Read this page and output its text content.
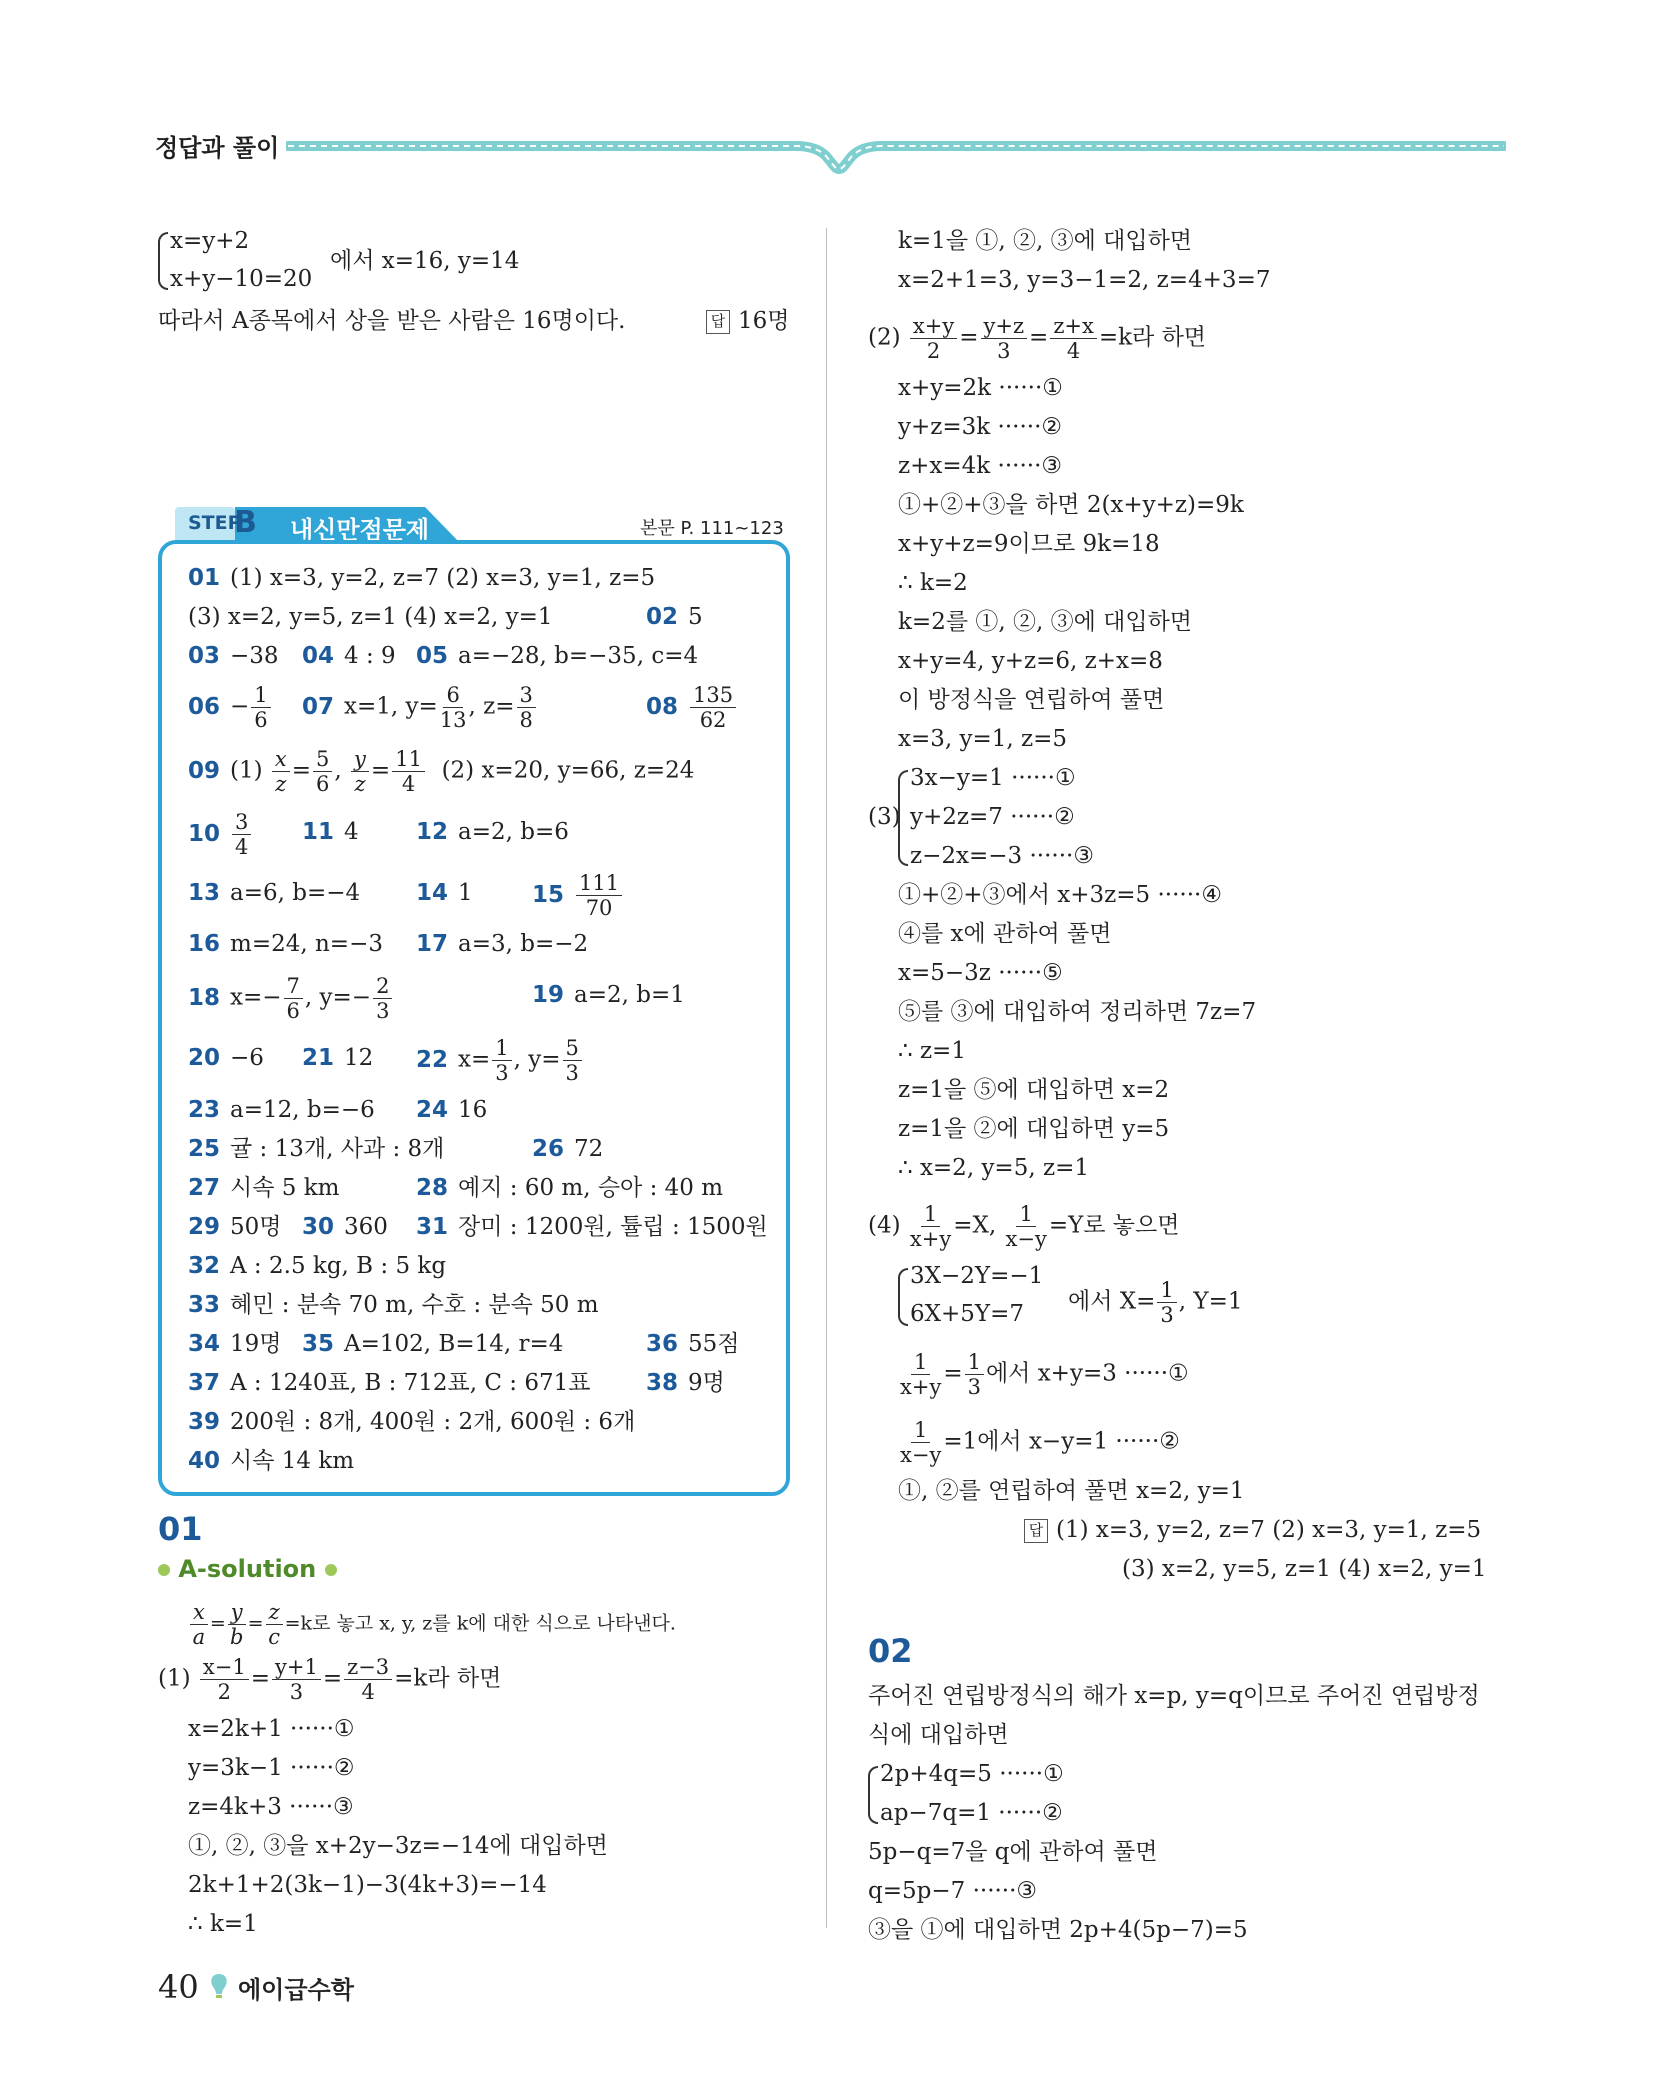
정답과 풀이
x=y+2
x+y−10=20
에서 x=16, y=14
따라서 A종목에서 상을 받은 사람은 16명이다.	답 16명
STEP
B 내신만점문제	본문 P. 111~123
01 (1) x=3, y=2, z=7 (2) x=3, y=1, z=5
(3) x=2, y=5, z=1 (4) x=2, y=1	02 5
03 −38 04 4 : 9 05 a=−28, b=−35, c=4
$06 - \frac{1}{6} 07$ x=1, $y= \frac{6}{13}$ , $z= \frac{3}{8}$	$08 \frac{135}{62}$
09 $(1) \frac{x}{z} = \frac{5}{6}$ , $\frac{y}{z} = \frac{11}{4} (2)$ x=20, y=66, z=24
$10 \frac{3}{4} 11$ 4 12 a=2, b=6
13 a=6, b=−4 14 1	$15 \frac{111}{70}$
16 m=24, n=−3 17 a=3, b=−2
18 $x=- \frac{7}{6}$ , $y=- \frac{2}{3}$	19 a=2, b=1
20 −6 21 12 22 $x= \frac{1}{3}$ , $y= \frac{5}{3}$
23 a=12, b=−6 24 16
25 귤 : 13개, 사과 : 8개	26 72
27 시속 5 km	28 예지 : 60 m, 승아 : 40 m
29 50명 30 360 31 장미 : 1200원, 튤립 : 1500원
32 A : 2.5 kg, B : 5 kg
33 혜민 : 분속 70 m, 수호 : 분속 50 m
34 19명 35 A=102, B=14, r=4	36 55점
37 A : 1240표, B : 712표, C : 671표 38 9명
39 200원 : 8개, 400원 : 2개, 600원 : 6개
40 시속 14 km
01
A-solution
$\frac{x}{a} = \frac{y}{b} = \frac{z}{c} =k$로 놓고 x, y, z를 k에 대한 식으로 나타낸다.
$(1) \frac{x-1}{2} = \frac{y+1}{3} = \frac{z-3}{4} =k$라 하면
x=2k+1 ······①
y=3k−1 ······②
z=4k+3 ······③
①, ②, ③을 x+2y−3z=−14에 대입하면
2k+1+2(3k−1)−3(4k+3)=−14
∴ k=1
k=1을 ①, ②, ③에 대입하면
x=2+1=3, y=3−1=2, z=4+3=7
$(2) \frac{x+y}{2} = \frac{y+z}{3} = \frac{z+x}{4} =k$라 하면
x+y=2k ······①
y+z=3k ······②
z+x=4k ······③
①+②+③을 하면 2(x+y+z)=9k
x+y+z=9이므로 9k=18
∴ k=2
k=2를 ①, ②, ③에 대입하면
x+y=4, y+z=6, z+x=8
이 방정식을 연립하여 풀면
x=3, y=1, z=5
(3)
3x−y=1 ······①
y+2z=7 ······②
z−2x=−3 ······③
①+②+③에서 x+3z=5 ······④
④를 x에 관하여 풀면
x=5−3z ······⑤
⑤를 ③에 대입하여 정리하면 7z=7
∴ z=1
z=1을 ⑤에 대입하면 x=2
z=1을 ②에 대입하면 y=5
∴ x=2, y=5, z=1
$(4) \frac{1}{x+y} =X$, $\frac{1}{x-y} =Y$로 놓으면
3X−2Y=−1
6X+5Y=7 에서 $X= \frac{1}{3}$ , Y=1
$\frac{1}{x+y} = \frac{1}{3}$ 에서 x+y=3 ······①
$\frac{1}{x-y} =1$에서 x−y=1 ······②
①, ②를 연립하여 풀면 x=2, y=1
답 (1) x=3, y=2, z=7 (2) x=3, y=1, z=5
(3) x=2, y=5, z=1 (4) x=2, y=1
02
주어진 연립방정식의 해가 x=p, y=q이므로 주어진 연립방정
식에 대입하면
2p+4q=5 ······①
ap−7q=1 ······②
5p−q=7을 q에 관하여 풀면
q=5p−7 ······③
③을 ①에 대입하면 2p+4(5p−7)=5
40 에이급수학
